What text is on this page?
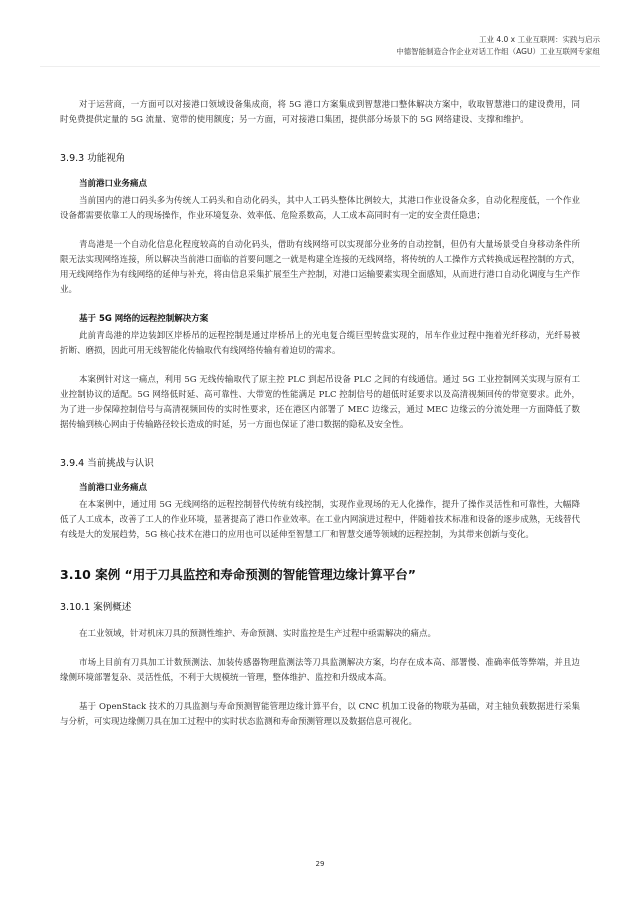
工业 4.0 x 工业互联网：实践与启示
中德智能制造合作企业对话工作组（AGU）工业互联网专家组

对于运营商，一方面可以对接港口领域设备集成商，将 5G 港口方案集成到智慧港口整体解决方案中，收取智慧港口的建设费用，同时免费提供定量的 5G 流量、宽带的使用额度；另一方面，可对接港口集团，提供部分场景下的 5G 网络建设、支撑和维护。

3.9.3 功能视角
当前港口业务痛点

当前国内的港口码头多为传统人工码头和自动化码头，其中人工码头整体比例较大，其港口作业设备众多，自动化程度低，一个作业设备都需要依靠工人的现场操作，作业环境复杂、效率低、危险系数高，人工成本高同时有一定的安全责任隐患；

青岛港是一个自动化信息化程度较高的自动化码头，借助有线网络可以实现部分业务的自动控制，但仍有大量场景受自身移动条件所限无法实现网络连接，所以解决当前港口面临的首要问题之一就是构建全连接的无线网络，将传统的人工操作方式转换成远程控制的方式，用无线网络作为有线网络的延伸与补充，将由信息采集扩展至生产控制，对港口运输要素实现全面感知，从而进行港口自动化调度与生产作业。

基于 5G 网络的远程控制解决方案

此前青岛港的岸边装卸区岸桥吊的远程控制是通过岸桥吊上的光电复合缆巨型转盘实现的，吊车作业过程中拖着光纤移动，光纤易被折断、磨损，因此可用无线智能化传输取代有线网络传输有着迫切的需求。

本案例针对这一痛点，利用 5G 无线传输取代了原主控 PLC 到起吊设备 PLC 之间的有线通信。通过 5G 工业控制网关实现与原有工业控制协议的适配。5G 网络低时延、高可靠性、大带宽的性能满足 PLC 控制信号的超低时延要求以及高清视频回传的带宽要求。此外，为了进一步保障控制信号与高清视频回传的实时性要求，还在港区内部署了 MEC 边缘云，通过 MEC 边缘云的分流处理一方面降低了数据传输到核心网由于传输路径较长造成的时延，另一方面也保证了港口数据的隐私及安全性。

3.9.4 当前挑战与认识
当前港口业务痛点

在本案例中，通过用 5G 无线网络的远程控制替代传统有线控制，实现作业现场的无人化操作，提升了操作灵活性和可靠性，大幅降低了人工成本，改善了工人的作业环境，显著提高了港口作业效率。在工业内网演进过程中，伴随着技术标准和设备的逐步成熟，无线替代有线是大的发展趋势，5G 核心技术在港口的应用也可以延伸至智慧工厂和智慧交通等领域的远程控制，为其带来创新与变化。

3.10 案例 “用于刀具监控和寿命预测的智能管理边缘计算平台”
3.10.1 案例概述

在工业领域，针对机床刀具的预测性维护、寿命预测、实时监控是生产过程中亟需解决的痛点。

市场上目前有刀具加工计数预测法、加装传感器物理监测法等刀具监测解决方案，均存在成本高、部署慢、准确率低等弊端，并且边缘侧环境部署复杂、灵活性低，不利于大规模统一管理，整体维护、监控和升级成本高。

基于 OpenStack 技术的刀具监测与寿命预测智能管理边缘计算平台，以 CNC 机加工设备的物联为基础，对主轴负载数据进行采集与分析，可实现边缘侧刀具在加工过程中的实时状态监测和寿命预测管理以及数据信息可视化。

29
